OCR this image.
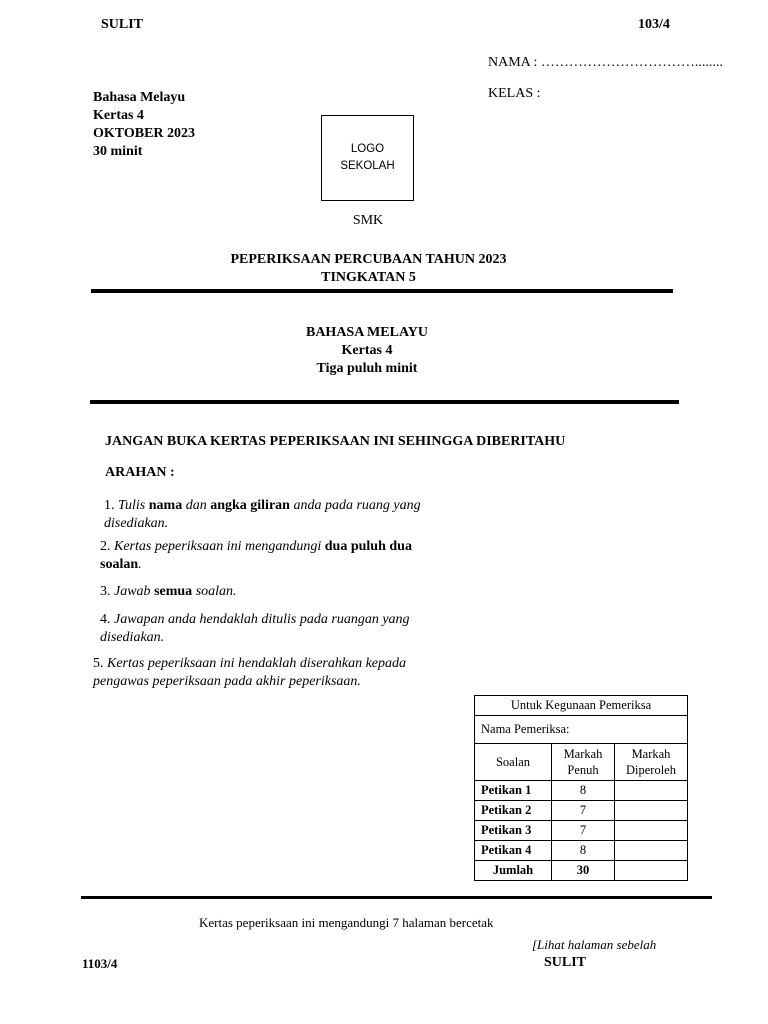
SULIT	103/4
NAMA : ……………………………........
KELAS :
Bahasa Melayu
Kertas 4
OKTOBER 2023
30 minit	LOGO
SEKOLAH
SMK
PEPERIKSAAN PERCUBAAN TAHUN 2023
TINGKATAN 5
BAHASA MELAYU
Kertas 4
Tiga puluh minit
JANGAN BUKA KERTAS PEPERIKSAAN INI SEHINGGA DIBERITAHU
ARAHAN :
1. Tulis nama dan angka giliran anda pada ruang yang disediakan.
2. Kertas peperiksaan ini mengandungi dua puluh dua soalan.
3. Jawab semua soalan.
4. Jawapan anda hendaklah ditulis pada ruangan yang disediakan.
5. Kertas peperiksaan ini hendaklah diserahkan kepada pengawas peperiksaan pada akhir peperiksaan.
Untuk Kegunaan Pemeriksa		
Nama Pemeriksa:		
Soalan	Markah Penuh	Markah Diperoleh
Petikan 1	8	
Petikan 2	7	
Petikan 3	7	
Petikan 4	8	
Jumlah	30	
Kertas peperiksaan ini mengandungi 7 halaman bercetak
[Lihat halaman sebelah
1103/4	SULIT
